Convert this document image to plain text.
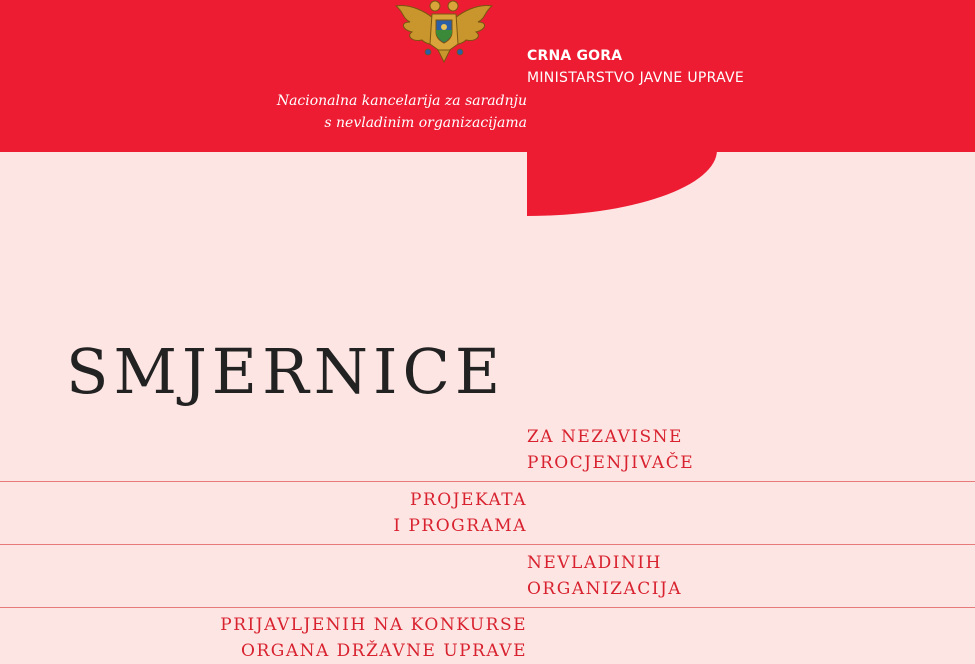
CRNA GORA
MINISTARSTVO JAVNE UPRAVE
Nacionalna kancelarija za saradnju
s nevladinim organizacijama
SMJERNICE
ZA NEZAVISNE
PROCJENJIVAČE
PROJEKATA
I PROGRAMA
NEVLADINIH
ORGANIZACIJA
PRIJAVLJENIH NA KONKURSE
ORGANA DRŽAVNE UPRAVE
